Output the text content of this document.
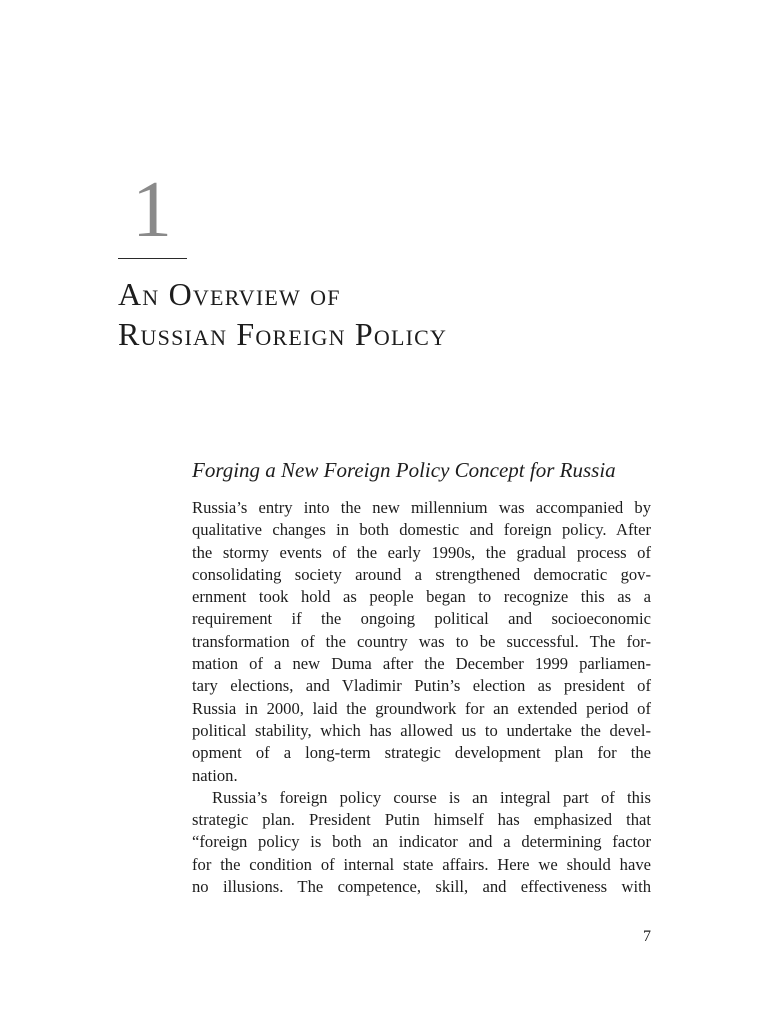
1
An Overview of
Russian Foreign Policy
Forging a New Foreign Policy Concept for Russia
Russia’s entry into the new millennium was accompanied by
qualitative changes in both domestic and foreign policy. After
the stormy events of the early 1990s, the gradual process of
consolidating society around a strengthened democratic gov-
ernment took hold as people began to recognize this as a
requirement if the ongoing political and socioeconomic
transformation of the country was to be successful. The for-
mation of a new Duma after the December 1999 parliamen-
tary elections, and Vladimir Putin’s election as president of
Russia in 2000, laid the groundwork for an extended period of
political stability, which has allowed us to undertake the devel-
opment of a long-term strategic development plan for the
nation.
Russia’s foreign policy course is an integral part of this
strategic plan. President Putin himself has emphasized that
“foreign policy is both an indicator and a determining factor
for the condition of internal state affairs. Here we should have
no illusions. The competence, skill, and effectiveness with
7
